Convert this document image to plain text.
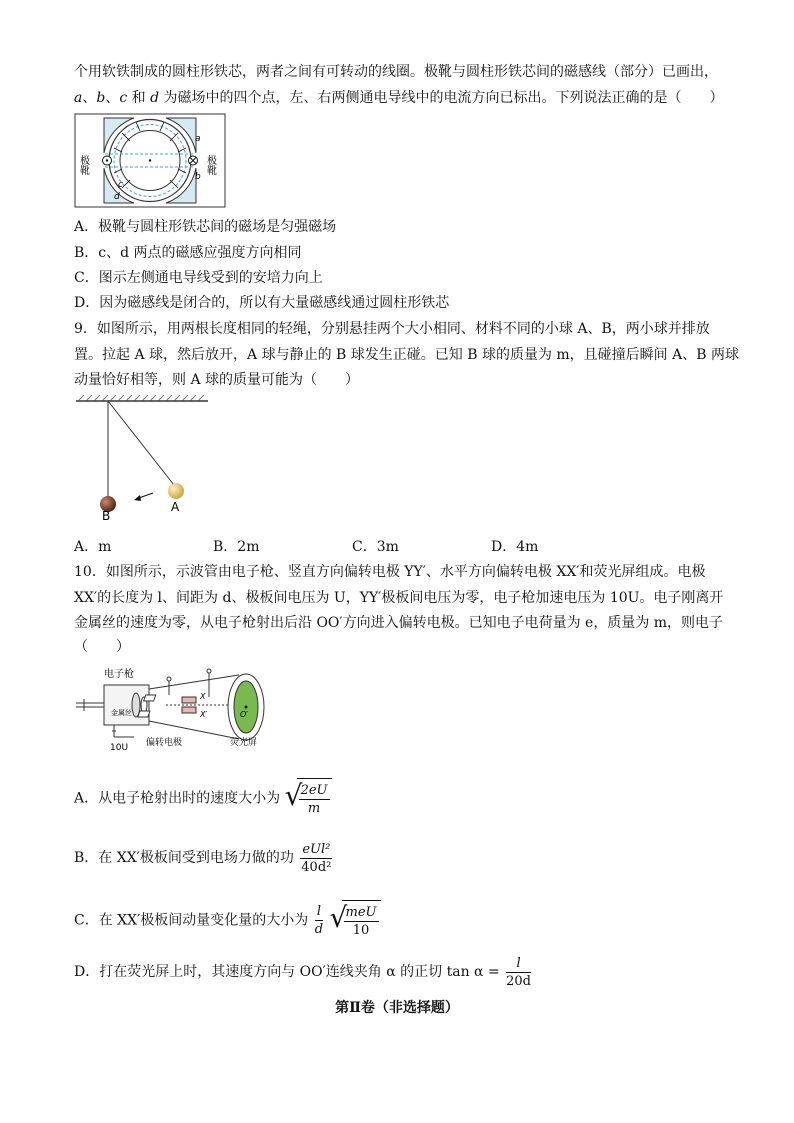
个用软铁制成的圆柱形铁芯，两者之间有可转动的线圈。极靴与圆柱形铁芯间的磁感线（部分）已画出，
a、b、c 和 d 为磁场中的四个点，左、右两侧通电导线中的电流方向已标出。下列说法正确的是（　　）
极靴	极靴
a
b
c
d
A．极靴与圆柱形铁芯间的磁场是匀强磁场
B．c、d 两点的磁感应强度方向相同
C．图示左侧通电导线受到的安培力向上
D．因为磁感线是闭合的，所以有大量磁感线通过圆柱形铁芯
9．如图所示，用两根长度相同的轻绳，分别悬挂两个大小相同、材料不同的小球 A、B，两小球并排放
置。拉起 A 球，然后放开，A 球与静止的 B 球发生正碰。已知 B 球的质量为 m，且碰撞后瞬间 A、B 两球
动量恰好相等，则 A 球的质量可能为（　　）
B
A
A．m	B．2m	C．3m	D．4m
10．如图所示，示波管由电子枪、竖直方向偏转电极 YY′、水平方向偏转电极 XX′和荧光屏组成。电极
XX′的长度为 l、间距为 d、极板间电压为 U，YY′极板间电压为零，电子枪加速电压为 10U。电子刚离开
金属丝的速度为零，从电子枪射出后沿 OO′方向进入偏转电极。已知电子电荷量为 e，质量为 m，则电子
（　　）
电子枪
金属丝
10U 偏转电极	荧光屏
X
X′	O′
A．从电子枪射出时的速度大小为 √
$\frac{2eU}{m}$
B．在 XX′极板间受到电场力做的功 $\frac{\text{eUl²}}{\text{40d²}}$
C．在 XX′极板间动量变化量的大小为 $\frac{l}{d}$
√
$\frac{\text{meU}}{10}$
D．打在荧光屏上时，其速度方向与 OO′连线夹角 α 的正切 $\tan \alpha = \frac{l}{20d}$
第Ⅱ卷（非选择题）
